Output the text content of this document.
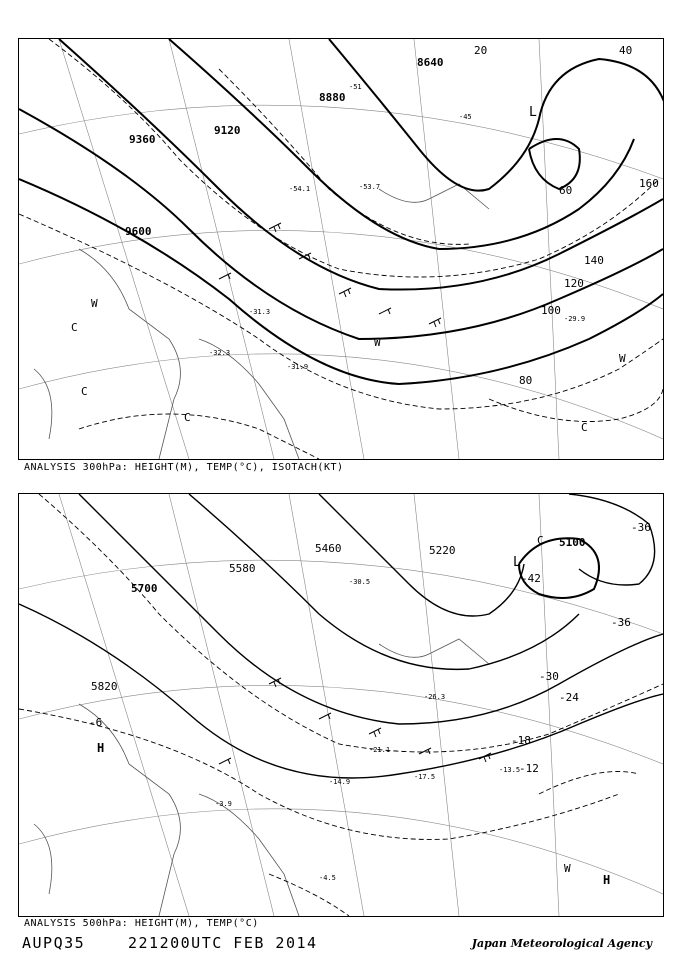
9360
9120
8880
8640
9600
20	40
60
80
100
120
140
160
-51
-45
-54.1	-53.7
-31.3
-32.3
-31.9
-29.9
L
W
C
C
C
W
W
C
ANALYSIS 300hPa: HEIGHT(M), TEMP(°C), ISOTACH(KT)
5700
5820
5460	5220
5100
5580
-6
-12
-18
-24
-30
-36
-42
-36
-30.5
-26.3
-21.1
-17.5
-14.9
-13.5
-4.5
-3.9
H
L
W
H
C
ANALYSIS 500hPa: HEIGHT(M), TEMP(°C)
AUPQ35	221200UTC FEB 2014	Japan Meteorological Agency
